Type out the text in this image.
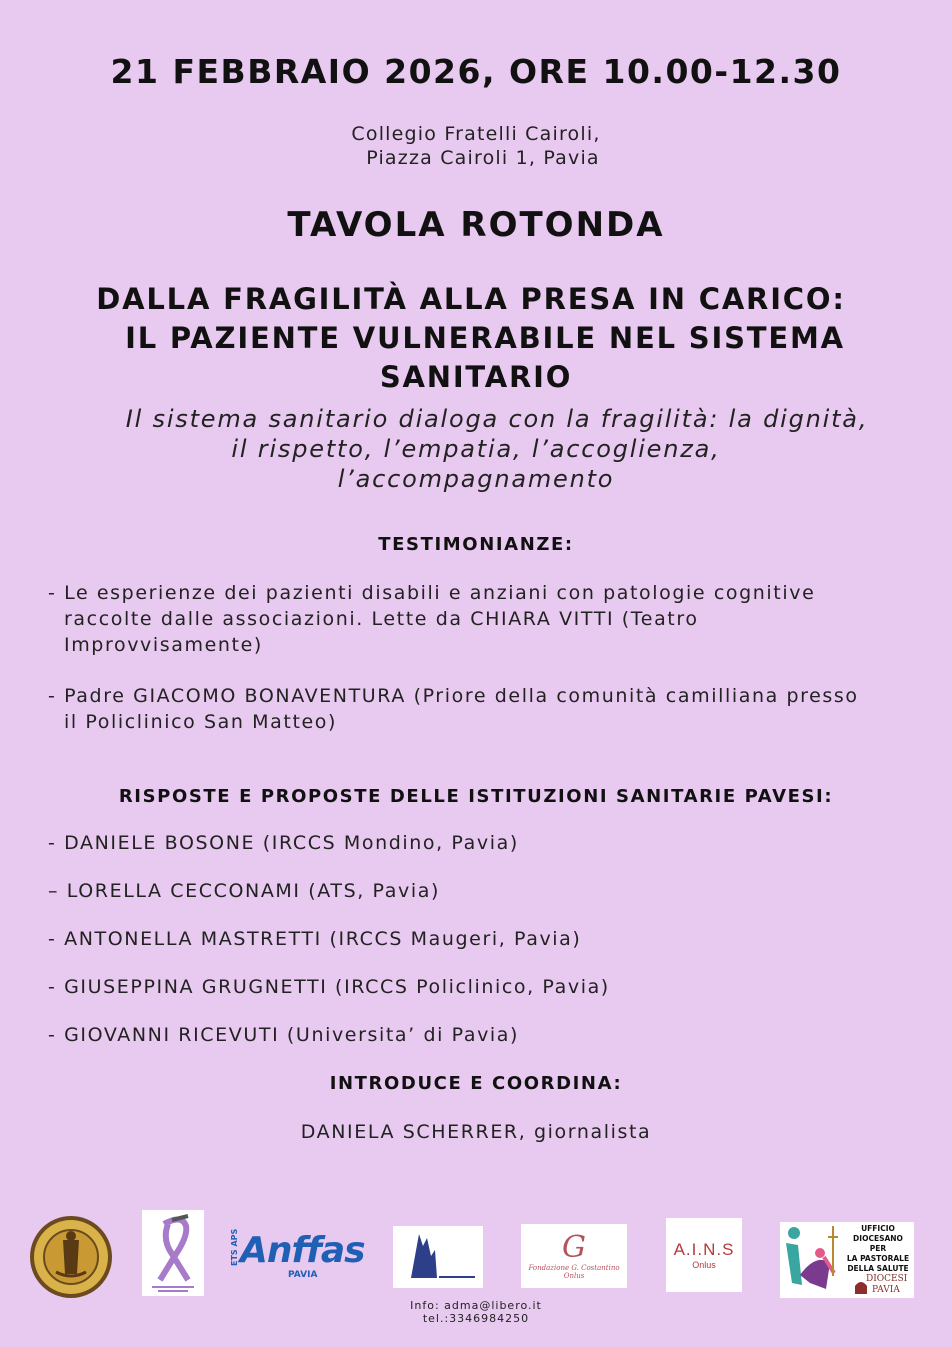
21 FEBBRAIO 2026, ORE 10.00-12.30
Collegio Fratelli Cairoli,
Piazza Cairoli 1, Pavia
TAVOLA ROTONDA
DALLA FRAGILITÀ ALLA PRESA IN CARICO:
IL PAZIENTE VULNERABILE NEL SISTEMA
SANITARIO
Il sistema sanitario dialoga con la fragilità: la dignità,
il rispetto, l’empatia, l’accoglienza,
l’accompagnamento
TESTIMONIANZE:
- Le esperienze dei pazienti disabili e anziani con patologie cognitive
raccolte dalle associazioni. Lette da CHIARA VITTI (Teatro
Improvvisamente)
- Padre GIACOMO BONAVENTURA (Priore della comunità camilliana presso
il Policlinico San Matteo)
RISPOSTE E PROPOSTE DELLE ISTITUZIONI SANITARIE PAVESI:
- DANIELE BOSONE (IRCCS Mondino, Pavia)
– LORELLA CECCONAMI (ATS, Pavia)
- ANTONELLA MASTRETTI (IRCCS Maugeri, Pavia)
- GIUSEPPINA GRUGNETTI (IRCCS Policlinico, Pavia)
- GIOVANNI RICEVUTI (Universita’ di Pavia)
INTRODUCE E COORDINA:
DANIELA SCHERRER, giornalista
ETS APS Anffas
PAVIA
G
Fondazione G. Costantino
Onlus
A.I.N.S
Onlus
UFFICIO
DIOCESANO PER
LA PASTORALE
DELLA SALUTE
DIOCESI
PAVIA
Info: adma@libero.it
tel.:3346984250
